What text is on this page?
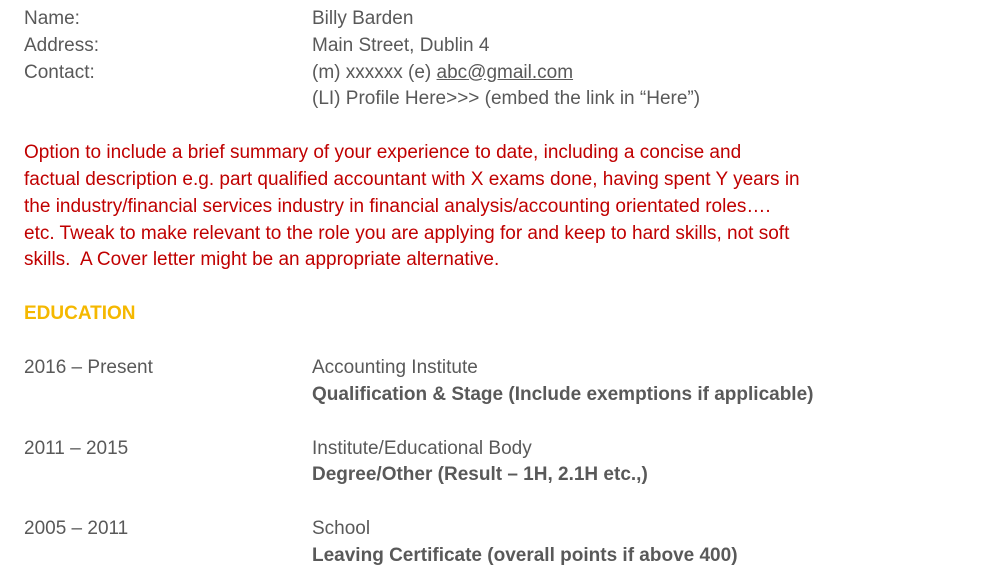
Name:	Billy Barden
Address:	Main Street, Dublin 4
Contact:	(m) xxxxxx (e) abc@gmail.com
(LI) Profile Here>>> (embed the link in “Here”)
Option to include a brief summary of your experience to date, including a concise and
factual description e.g. part qualified accountant with X exams done, having spent Y years in
the industry/financial services industry in financial analysis/accounting orientated roles….
etc. Tweak to make relevant to the role you are applying for and keep to hard skills, not soft
skills.  A Cover letter might be an appropriate alternative.
EDUCATION
2016 – Present	Accounting Institute
Qualification & Stage (Include exemptions if applicable)
2011 – 2015	Institute/Educational Body
Degree/Other (Result – 1H, 2.1H etc.,)
2005 – 2011	School
Leaving Certificate (overall points if above 400)
